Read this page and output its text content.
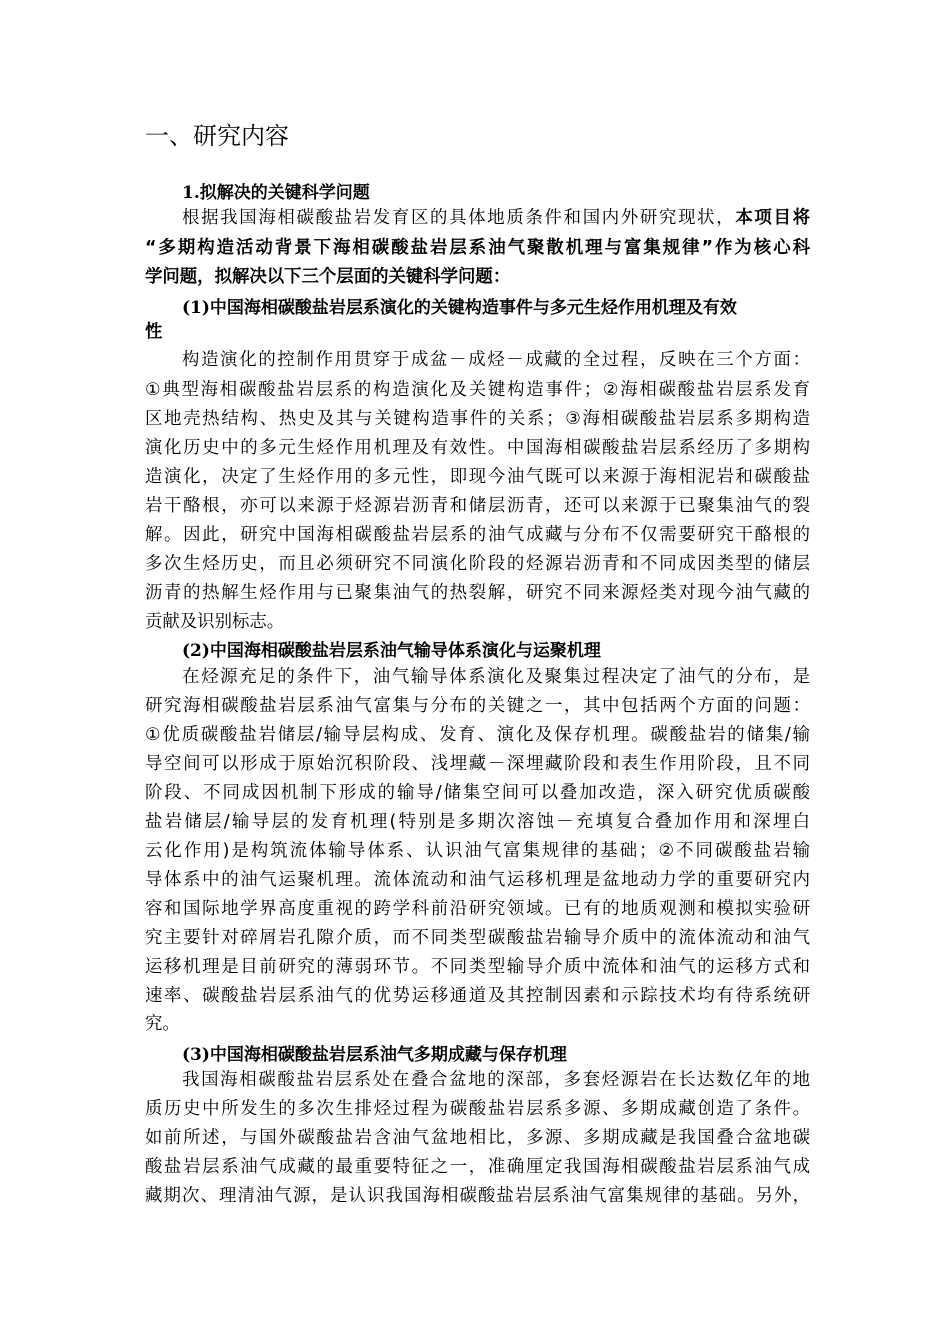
一、研究内容
1.拟解决的关键科学问题
根据我国海相碳酸盐岩发育区的具体地质条件和国内外研究现状，本项目将
“多期构造活动背景下海相碳酸盐岩层系油气聚散机理与富集规律”作为核心科
学问题，拟解决以下三个层面的关键科学问题：
(1)中国海相碳酸盐岩层系演化的关键构造事件与多元生烃作用机理及有效
性
构造演化的控制作用贯穿于成盆－成烃－成藏的全过程，反映在三个方面：
①典型海相碳酸盐岩层系的构造演化及关键构造事件；②海相碳酸盐岩层系发育
区地壳热结构、热史及其与关键构造事件的关系；③海相碳酸盐岩层系多期构造
演化历史中的多元生烃作用机理及有效性。中国海相碳酸盐岩层系经历了多期构
造演化，决定了生烃作用的多元性，即现今油气既可以来源于海相泥岩和碳酸盐
岩干酪根，亦可以来源于烃源岩沥青和储层沥青，还可以来源于已聚集油气的裂
解。因此，研究中国海相碳酸盐岩层系的油气成藏与分布不仅需要研究干酪根的
多次生烃历史，而且必须研究不同演化阶段的烃源岩沥青和不同成因类型的储层
沥青的热解生烃作用与已聚集油气的热裂解，研究不同来源烃类对现今油气藏的
贡献及识别标志。
(2)中国海相碳酸盐岩层系油气输导体系演化与运聚机理
在烃源充足的条件下，油气输导体系演化及聚集过程决定了油气的分布，是
研究海相碳酸盐岩层系油气富集与分布的关键之一，其中包括两个方面的问题：
①优质碳酸盐岩储层/输导层构成、发育、演化及保存机理。碳酸盐岩的储集/输
导空间可以形成于原始沉积阶段、浅埋藏－深埋藏阶段和表生作用阶段，且不同
阶段、不同成因机制下形成的输导/储集空间可以叠加改造，深入研究优质碳酸
盐岩储层/输导层的发育机理(特别是多期次溶蚀－充填复合叠加作用和深埋白
云化作用)是构筑流体输导体系、认识油气富集规律的基础；②不同碳酸盐岩输
导体系中的油气运聚机理。流体流动和油气运移机理是盆地动力学的重要研究内
容和国际地学界高度重视的跨学科前沿研究领域。已有的地质观测和模拟实验研
究主要针对碎屑岩孔隙介质，而不同类型碳酸盐岩输导介质中的流体流动和油气
运移机理是目前研究的薄弱环节。不同类型输导介质中流体和油气的运移方式和
速率、碳酸盐岩层系油气的优势运移通道及其控制因素和示踪技术均有待系统研
究。
(3)中国海相碳酸盐岩层系油气多期成藏与保存机理
我国海相碳酸盐岩层系处在叠合盆地的深部，多套烃源岩在长达数亿年的地
质历史中所发生的多次生排烃过程为碳酸盐岩层系多源、多期成藏创造了条件。
如前所述，与国外碳酸盐岩含油气盆地相比，多源、多期成藏是我国叠合盆地碳
酸盐岩层系油气成藏的最重要特征之一，准确厘定我国海相碳酸盐岩层系油气成
藏期次、理清油气源，是认识我国海相碳酸盐岩层系油气富集规律的基础。另外，
